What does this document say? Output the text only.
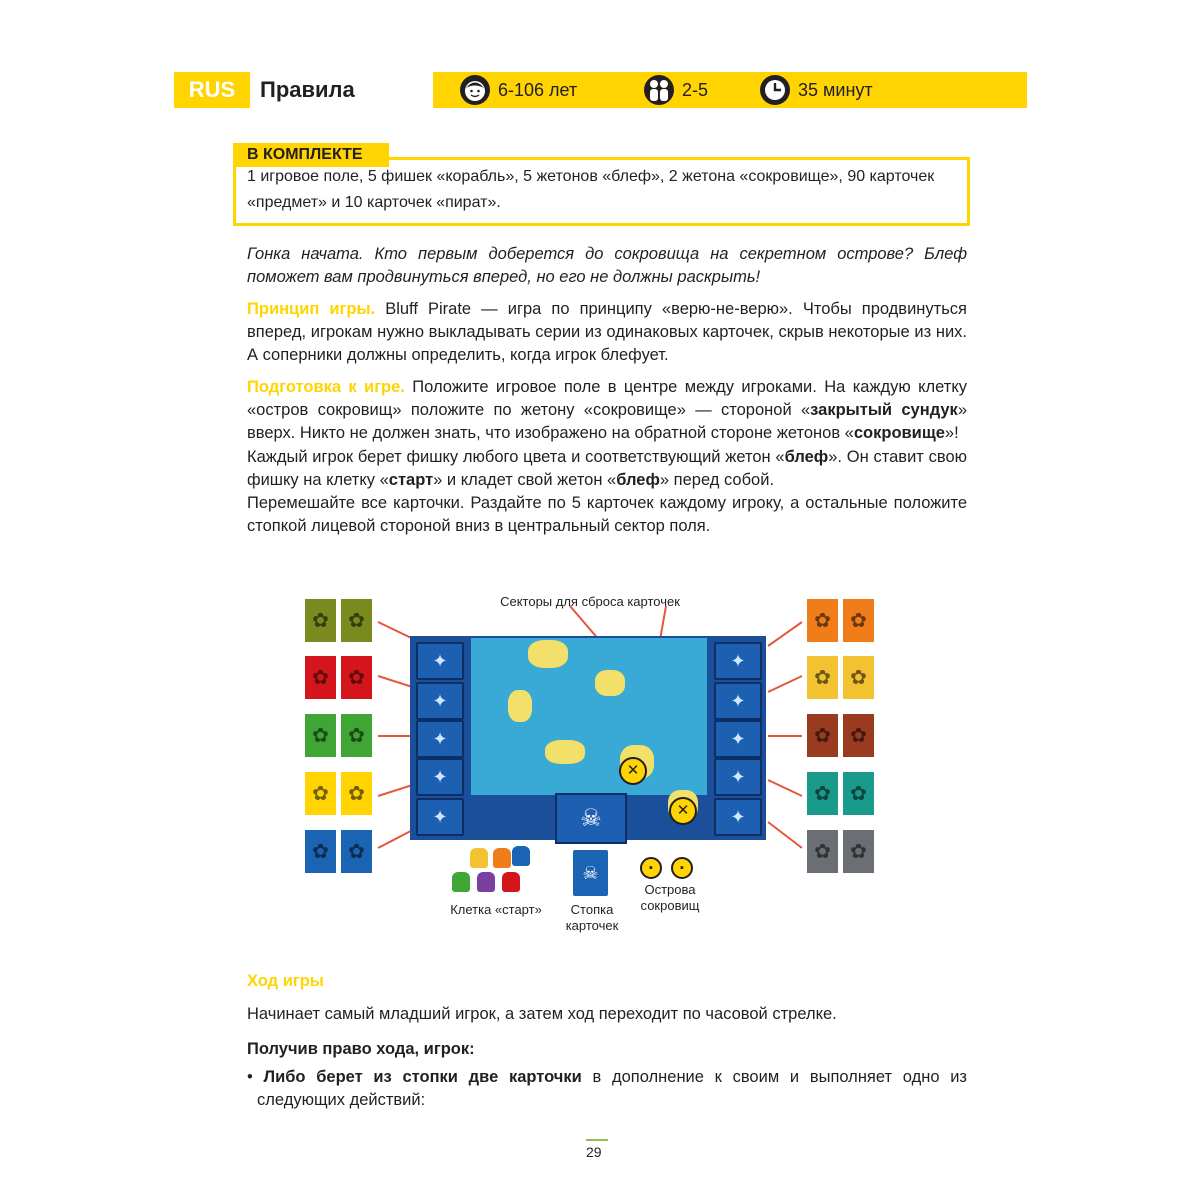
RUS	Правила	6-106 лет	2-5	35 минут
В КОМПЛЕКТЕ
1 игровое поле, 5 фишек «корабль», 5 жетонов «блеф», 2 жетона «сокровище», 90 карточек «предмет» и 10 карточек «пират».
Гонка начата. Кто первым доберется до сокровища на секретном острове? Блеф поможет вам продвинуться вперед, но его не должны раскрыть!
Принцип игры. Bluff Pirate — игра по принципу «верю-не-верю». Чтобы продвинуться вперед, игрокам нужно выкладывать серии из одинаковых карточек, скрыв некоторые из них. А соперники должны определить, когда игрок блефует.
Подготовка к игре. Положите игровое поле в центре между игроками. На каждую клетку «остров сокровищ» положите по жетону «сокровище» — стороной «закрытый сундук» вверх. Никто не должен знать, что изображено на обратной стороне жетонов «сокровище»!
Каждый игрок берет фишку любого цвета и соответствующий жетон «блеф». Он ставит свою фишку на клетку «старт» и кладет свой жетон «блеф» перед собой.
Перемешайте все карточки. Раздайте по 5 карточек каждому игроку, а остальные положите стопкой лицевой стороной вниз в центральный сектор поля.
Секторы для сброса карточек
✕
✕
☠
✦
✦
✦
✦
✦
✦
✦
✦
✦
✦
✿ ✿
✿ ✿
✿ ✿
✿ ✿
✿ ✿
✿ ✿
✿ ✿
✿ ✿
✿ ✿
✿ ✿
☠	▪	▪
Клетка «старт»	Стопка карточек
Острова сокровищ
Ход игры
Начинает самый младший игрок, а затем ход переходит по часовой стрелке.
Получив право хода, игрок:
• Либо берет из стопки две карточки в дополнение к своим и выполняет одно из следующих действий:
29
